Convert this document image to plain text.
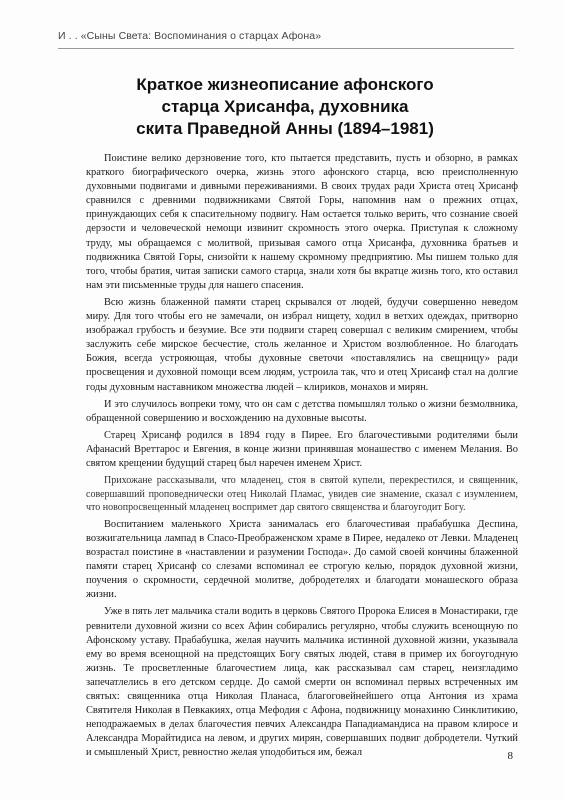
И . . «Сыны Света: Воспоминания о старцах Афона»
Краткое жизнеописание афонского
старца Хрисанфа, духовника
скита Праведной Анны (1894–1981)

Поистине велико дерзновение того, кто пытается представить, пусть и обзорно, в рамках краткого биографического очерка, жизнь этого афонского старца, всю преисполненную духовными подвигами и дивными переживаниями. В своих трудах ради Христа отец Хрисанф сравнился с древними подвижниками Святой Горы, напомнив нам о прежних отцах, принуждающих себя к спасительному подвигу. Нам остается только верить, что сознание своей дерзости и человеческой немощи извинит скромность этого очерка. Приступая к сложному труду, мы обращаемся с молитвой, призывая самого отца Хрисанфа, духовника братьев и подвижника Святой Горы, снизойти к нашему скромному предприятию. Мы пишем только для того, чтобы братия, читая записки самого старца, знали хотя бы вкратце жизнь того, кто оставил нам эти письменные труды для нашего спасения.

Всю жизнь блаженной памяти старец скрывался от людей, будучи совершенно неведом миру. Для того чтобы его не замечали, он избрал нищету, ходил в ветхих одеждах, притворно изображал грубость и безумие. Все эти подвиги старец совершал с великим смирением, чтобы заслужить себе мирское бесчестие, столь желанное и Христом возлюбленное. Но благодать Божия, всегда устрояющая, чтобы духовные светочи «поставлялись на свещницу» ради просвещения и духовной помощи всем людям, устроила так, что и отец Хрисанф стал на долгие годы духовным наставником множества людей – клириков, монахов и мирян.

И это случилось вопреки тому, что он сам с детства помышлял только о жизни безмолвника, обращенной совершению и восхождению на духовные высоты.

Старец Хрисанф родился в 1894 году в Пирее. Его благочестивыми родителями были Афанасий Вреттарос и Евгения, в конце жизни принявшая монашество с именем Мелания. Во святом крещении будущий старец был наречен именем Христ.

Прихожане рассказывали, что младенец, стоя в святой купели, перекрестился, и священник, совершавший проповеднически отец Николай Пламас, увидев сие знамение, сказал с изумлением, что новопросвещенный младенец воспримет дар святого священства и благоугодит Богу.

Воспитанием маленького Христа занималась его благочестивая прабабушка Деспина, возжигательница лампад в Спасо-Преображенском храме в Пирее, недалеко от Левки. Младенец возрастал поистине в «наставлении и разумении Господа». До самой своей кончины блаженной памяти старец Хрисанф со слезами вспоминал ее строгую келью, порядок духовной жизни, поучения о скромности, сердечной молитве, добродетелях и благодати монашеского образа жизни.

Уже в пять лет мальчика стали водить в церковь Святого Пророка Елисея в Монастираки, где ревнители духовной жизни со всех Афин собирались регулярно, чтобы служить всенощную по Афонскому уставу. Прабабушка, желая научить мальчика истинной духовной жизни, указывала ему во время всенощной на предстоящих Богу святых людей, ставя в пример их богоугодную жизнь. Те просветленные благочестием лица, как рассказывал сам старец, неизгладимо запечатлелись в его детском сердце. До самой смерти он вспоминал первых встреченных им святых: священника отца Николая Планаса, благоговейнейшего отца Антония из храма Святителя Николая в Певкакиях, отца Мефодия с Афона, подвижницу монахиню Синклитикию, неподражаемых в делах благочестия певчих Александра Пападиамандиса на правом клиросе и Александра Морайтидиса на левом, и других мирян, совершавших подвиг добродетели. Чуткий и смышленый Христ, ревностно желая уподобиться им, бежал	8
